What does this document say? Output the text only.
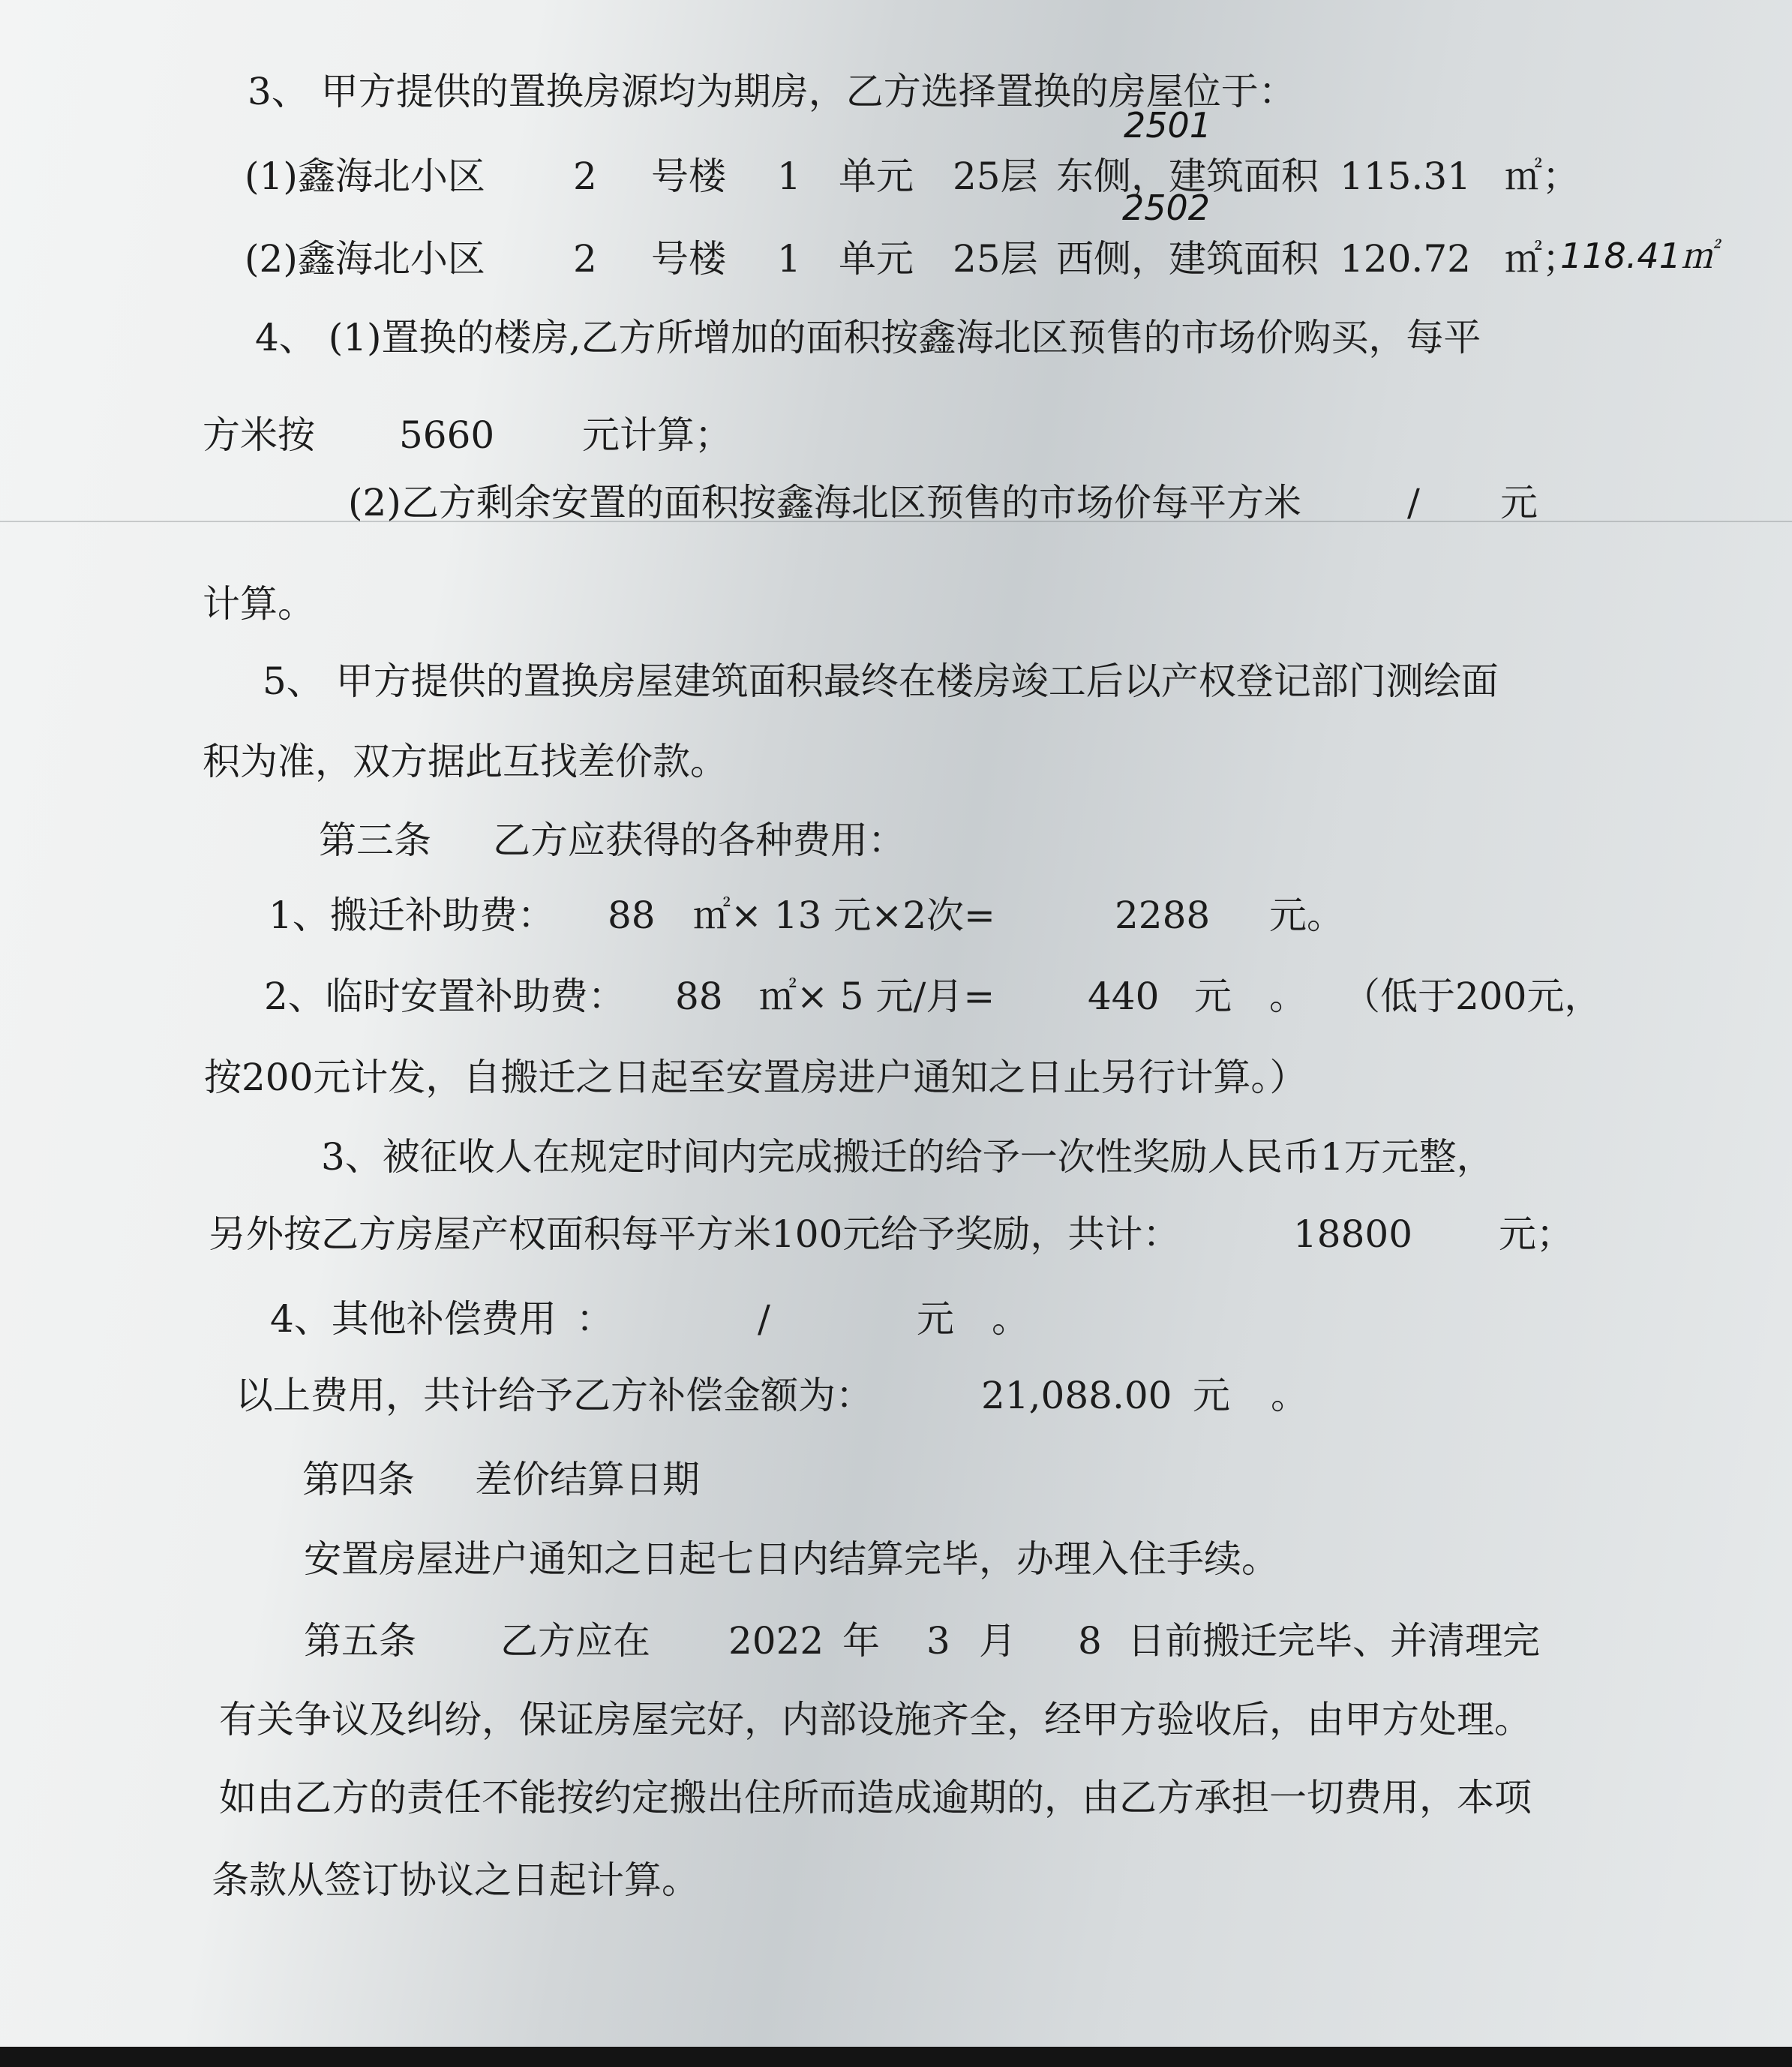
3、 甲方提供的置换房源均为期房，乙方选择置换的房屋位于：
2501
2502
(1)鑫海北小区 2 号楼 1 单元 25层 东侧，建筑面积 115.31 ㎡；
(2)鑫海北小区 2 号楼 1 单元 25层 西侧，建筑面积 120.72 ㎡；
118.41㎡
4、 (1)置换的楼房,乙方所增加的面积按鑫海北区预售的市场价购买，每平
方米按 5660 元计算；
(2)乙方剩余安置的面积按鑫海北区预售的市场价每平方米	/ 元
计算。
5、 甲方提供的置换房屋建筑面积最终在楼房竣工后以产权登记部门测绘面
积为准，双方据此互找差价款。
第三条 乙方应获得的各种费用：
1、搬迁补助费： 88 ㎡× 13 元×2次=	2288 元。
2、临时安置补助费： 88 ㎡× 5 元/月= 440 元 。 （低于200元，
按200元计发，自搬迁之日起至安置房进户通知之日止另行计算。）
3、被征收人在规定时间内完成搬迁的给予一次性奖励人民币1万元整，
另外按乙方房屋产权面积每平方米100元给予奖励，共计：	18800 元；
4、其他补偿费用 ：	/	元 。
以上费用，共计给予乙方补偿金额为：	21,088.00 元 。
第四条 差价结算日期
安置房屋进户通知之日起七日内结算完毕，办理入住手续。
第五条 乙方应在 2022 年 3 月 8 日前搬迁完毕、并清理完
有关争议及纠纷，保证房屋完好，内部设施齐全，经甲方验收后，由甲方处理。
如由乙方的责任不能按约定搬出住所而造成逾期的，由乙方承担一切费用，本项
条款从签订协议之日起计算。
